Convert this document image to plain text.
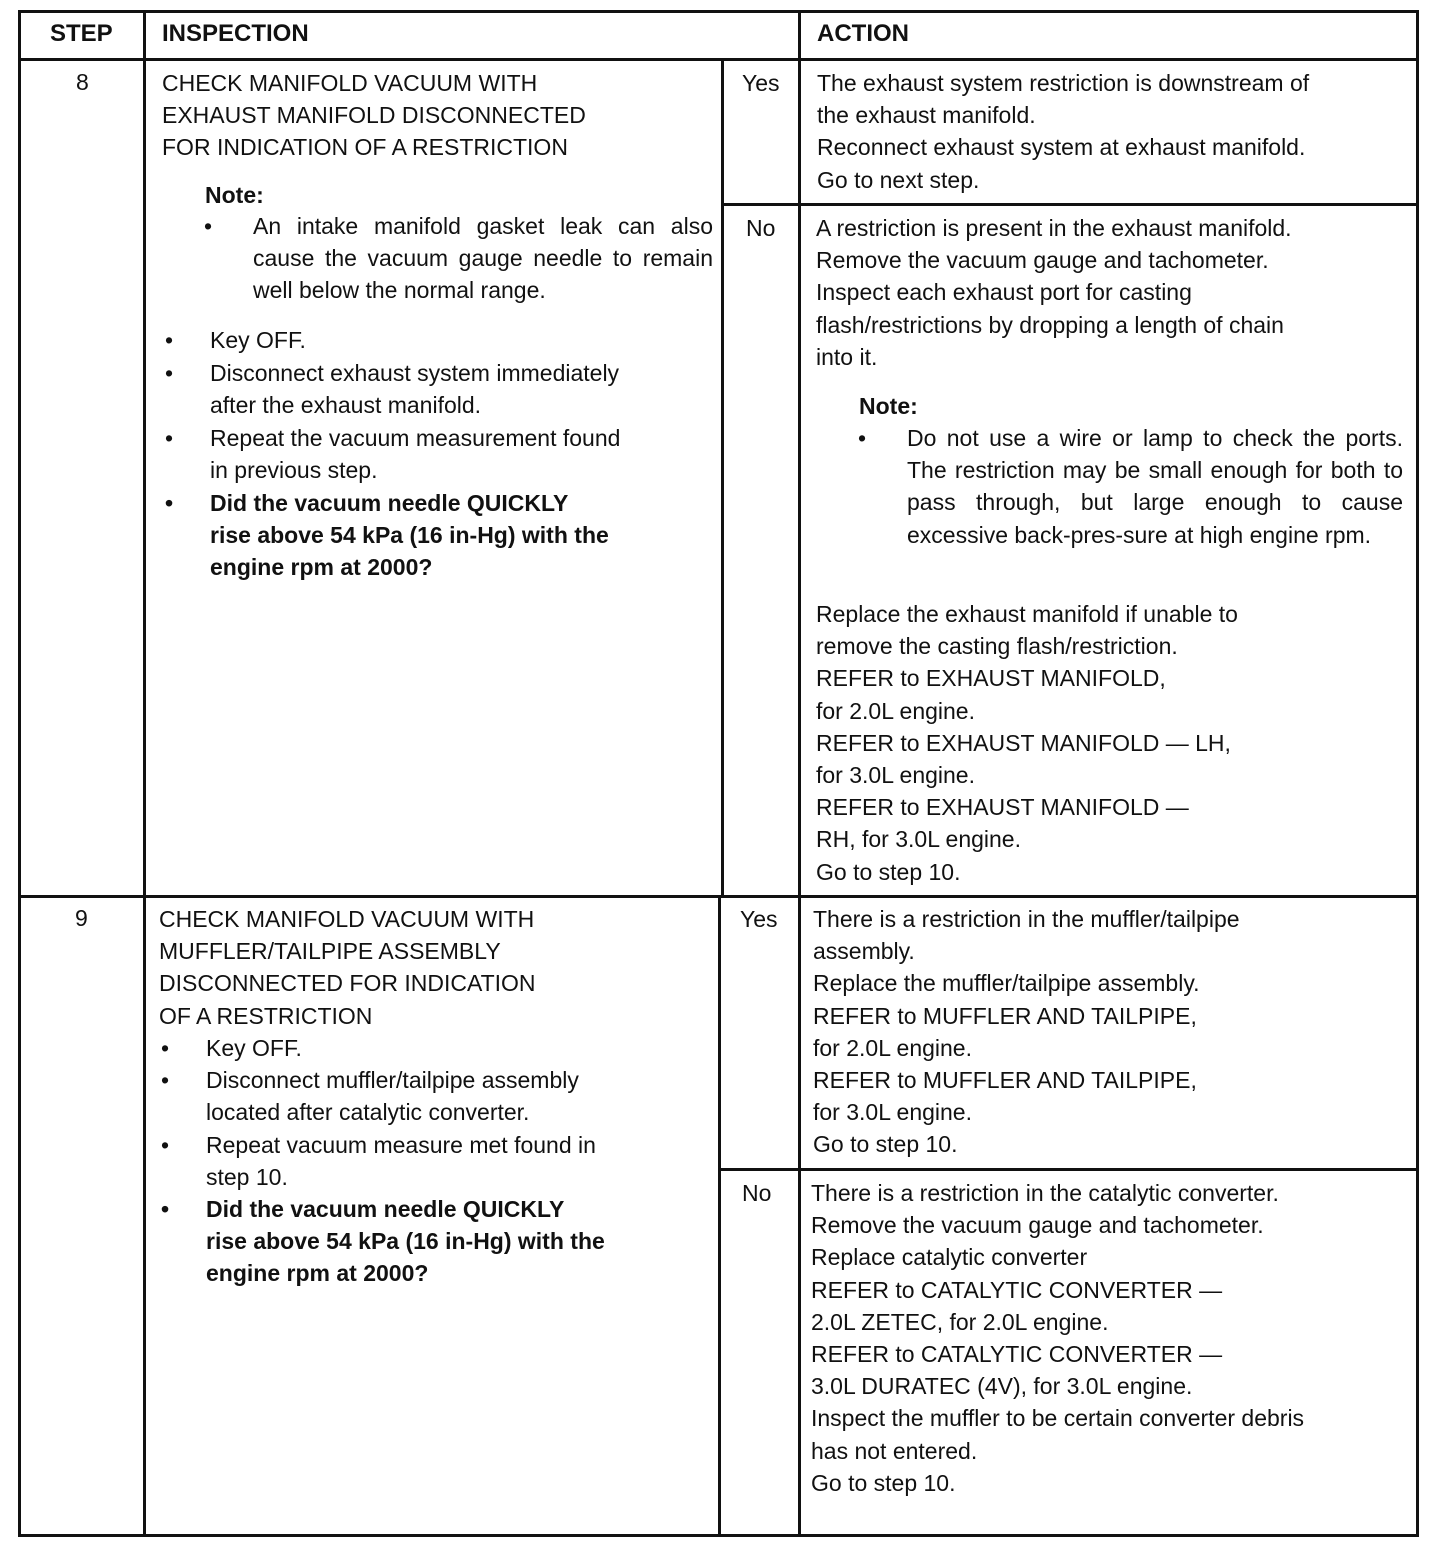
STEP INSPECTION	ACTION
8	CHECK MANIFOLD VACUUM WITH
EXHAUST MANIFOLD DISCONNECTED
FOR INDICATION OF A RESTRICTION
Note:
• An intake manifold gasket leak can also cause the vacuum gauge needle to remain well below the normal range.
• Key OFF.
• Disconnect exhaust system immediately
after the exhaust manifold.
• Repeat the vacuum measurement found
in previous step.
• Did the vacuum needle QUICKLY
rise above 54 kPa (16 in-Hg) with the
engine rpm at 2000?
Yes The exhaust system restriction is downstream of
the exhaust manifold.
Reconnect exhaust system at exhaust manifold.
Go to next step.
No A restriction is present in the exhaust manifold.
Remove the vacuum gauge and tachometer.
Inspect each exhaust port for casting
flash/restrictions by dropping a length of chain
into it.
Note:
• Do not use a wire or lamp to check the ports. The restriction may be small enough for both to pass through, but large enough to cause excessive back-pres-sure at high engine rpm.
Replace the exhaust manifold if unable to
remove the casting flash/restriction.
REFER to EXHAUST MANIFOLD,
for 2.0L engine.
REFER to EXHAUST MANIFOLD — LH,
for 3.0L engine.
REFER to EXHAUST MANIFOLD —
RH, for 3.0L engine.
Go to step 10.
9	CHECK MANIFOLD VACUUM WITH
MUFFLER/TAILPIPE ASSEMBLY
DISCONNECTED FOR INDICATION
OF A RESTRICTION
• Key OFF.
• Disconnect muffler/tailpipe assembly
located after catalytic converter.
• Repeat vacuum measure met found in
step 10.
• Did the vacuum needle QUICKLY
rise above 54 kPa (16 in-Hg) with the
engine rpm at 2000?
Yes There is a restriction in the muffler/tailpipe
assembly.
Replace the muffler/tailpipe assembly.
REFER to MUFFLER AND TAILPIPE,
for 2.0L engine.
REFER to MUFFLER AND TAILPIPE,
for 3.0L engine.
Go to step 10.
No There is a restriction in the catalytic converter.
Remove the vacuum gauge and tachometer.
Replace catalytic converter
REFER to CATALYTIC CONVERTER —
2.0L ZETEC, for 2.0L engine.
REFER to CATALYTIC CONVERTER —
3.0L DURATEC (4V), for 3.0L engine.
Inspect the muffler to be certain converter debris
has not entered.
Go to step 10.
